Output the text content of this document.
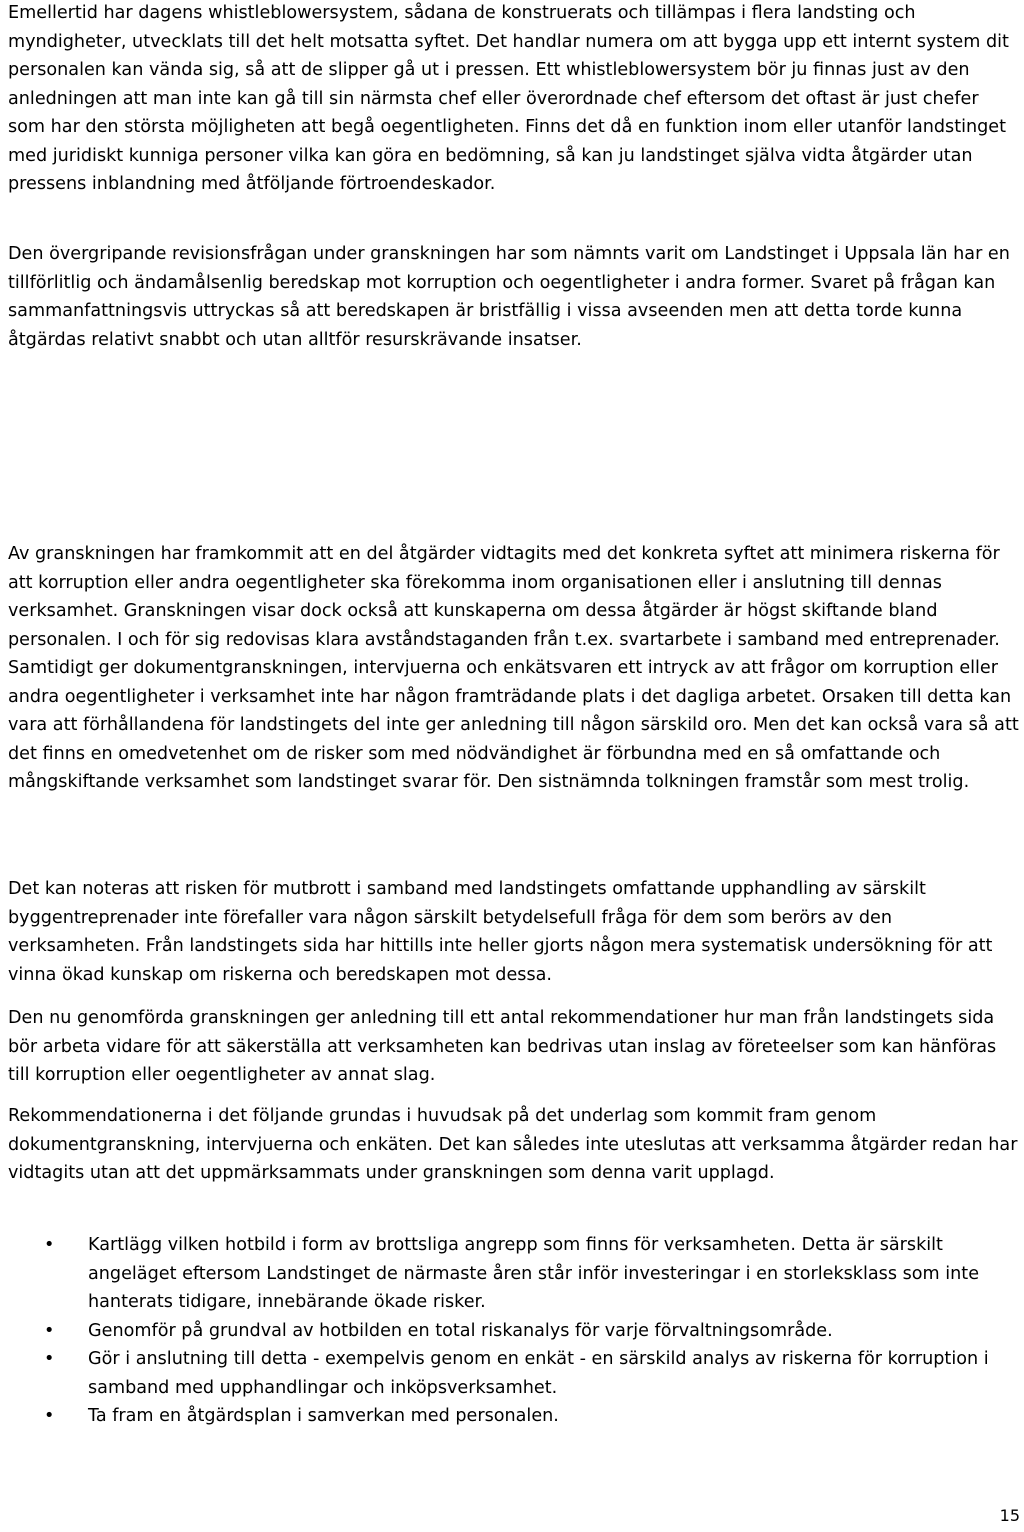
Emellertid har dagens whistleblowersystem, sådana de konstruerats och tillämpas i flera landsting och myndigheter, utvecklats till det helt motsatta syftet. Det handlar numera om att bygga upp ett internt system dit personalen kan vända sig, så att de slipper gå ut i pressen. Ett whistleblowersystem bör ju finnas just av den anledningen att man inte kan gå till sin närmsta chef eller överordnade chef eftersom det oftast är just chefer som har den största möjligheten att begå oegentligheten. Finns det då en funktion inom eller utanför landstinget med juridiskt kunniga personer vilka kan göra en bedömning, så kan ju landstinget själva vidta åtgärder utan pressens inblandning med åtföljande förtroendeskador.

Den övergripande revisionsfrågan under granskningen har som nämnts varit om Landstinget i Uppsala län har en tillförlitlig och ändamålsenlig beredskap mot korruption och oegentligheter i andra former. Svaret på frågan kan sammanfattningsvis uttryckas så att beredskapen är bristfällig i vissa avseenden men att detta torde kunna åtgärdas relativt snabbt och utan alltför resurskrävande insatser.

Av granskningen har framkommit att en del åtgärder vidtagits med det konkreta syftet att minimera riskerna för att korruption eller andra oegentligheter ska förekomma inom organisationen eller i anslutning till dennas verksamhet. Granskningen visar dock också att kunskaperna om dessa åtgärder är högst skiftande bland personalen. I och för sig redovisas klara avståndstaganden från t.ex. svartarbete i samband med entreprenader. Samtidigt ger dokumentgranskningen, intervjuerna och enkätsvaren ett intryck av att frågor om korruption eller andra oegentligheter i verksamhet inte har någon framträdande plats i det dagliga arbetet. Orsaken till detta kan vara att förhållandena för landstingets del inte ger anledning till någon särskild oro. Men det kan också vara så att det finns en omedvetenhet om de risker som med nödvändighet är förbundna med en så omfattande och mångskiftande verksamhet som landstinget svarar för. Den sistnämnda tolkningen framstår som mest trolig.

Det kan noteras att risken för mutbrott i samband med landstingets omfattande upphandling av särskilt byggentreprenader inte förefaller vara någon särskilt betydelsefull fråga för dem som berörs av den verksamheten. Från landstingets sida har hittills inte heller gjorts någon mera systematisk undersökning för att vinna ökad kunskap om riskerna och beredskapen mot dessa.

Den nu genomförda granskningen ger anledning till ett antal rekommendationer hur man från landstingets sida bör arbeta vidare för att säkerställa att verksamheten kan bedrivas utan inslag av företeelser som kan hänföras till korruption eller oegentligheter av annat slag.

Rekommendationerna i det följande grundas i huvudsak på det underlag som kommit fram genom dokumentgranskning, intervjuerna och enkäten. Det kan således inte uteslutas att verksamma åtgärder redan har vidtagits utan att det uppmärksammats under granskningen som denna varit upplagd.

• Kartlägg vilken hotbild i form av brottsliga angrepp som finns för verksamheten. Detta är särskilt angeläget eftersom Landstinget de närmaste åren står inför investeringar i en storleksklass som inte hanterats tidigare, innebärande ökade risker.
• Genomför på grundval av hotbilden en total riskanalys för varje förvaltningsområde.
• Gör i anslutning till detta - exempelvis genom en enkät - en särskild analys av riskerna för korruption i samband med upphandlingar och inköpsverksamhet.
• Ta fram en åtgärdsplan i samverkan med personalen.
15
